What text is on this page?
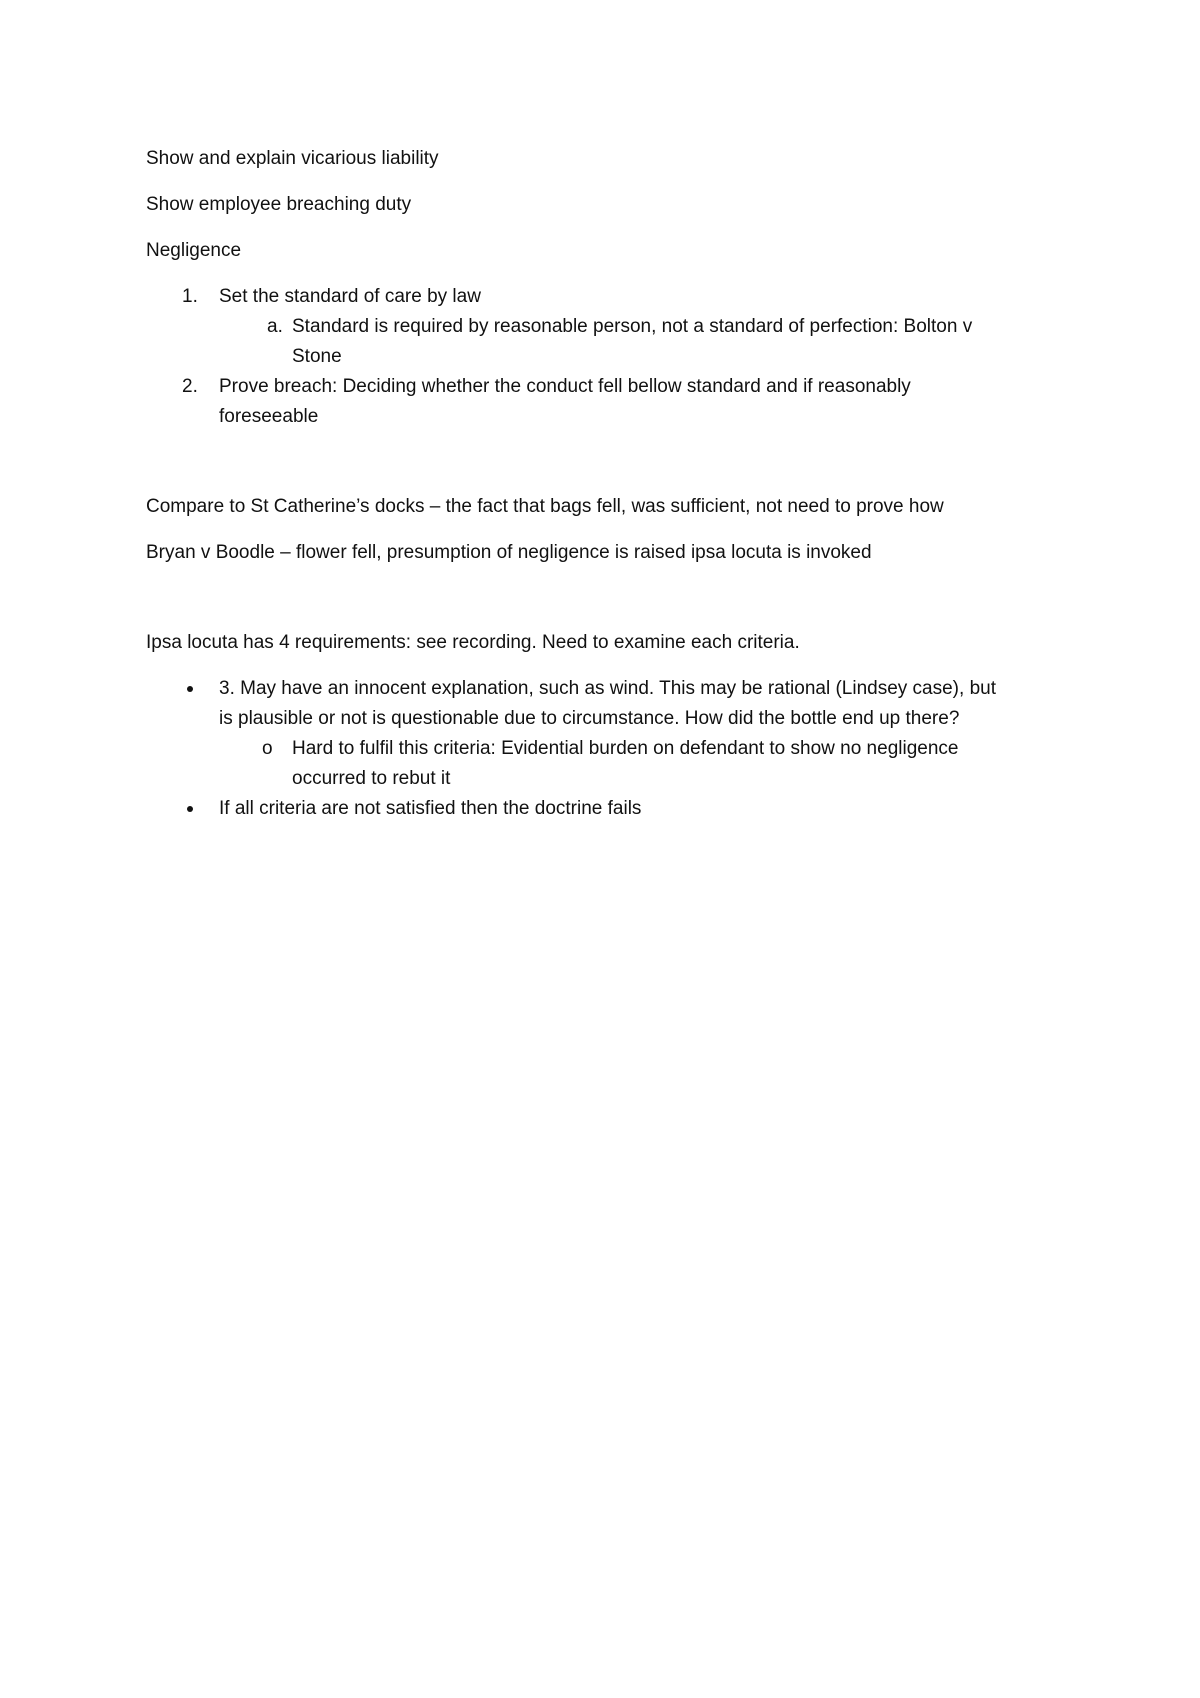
Show and explain vicarious liability
Show employee breaching duty
Negligence
1. Set the standard of care by law
a. Standard is required by reasonable person, not a standard of perfection: Bolton v
Stone
2. Prove breach: Deciding whether the conduct fell bellow standard and if reasonably
foreseeable
Compare to St Catherine’s docks – the fact that bags fell, was sufficient, not need to prove how
Bryan v Boodle – flower fell, presumption of negligence is raised ipsa locuta is invoked
Ipsa locuta has 4 requirements: see recording. Need to examine each criteria.
3. May have an innocent explanation, such as wind. This may be rational (Lindsey case), but
is plausible or not is questionable due to circumstance. How did the bottle end up there?
o Hard to fulfil this criteria: Evidential burden on defendant to show no negligence
occurred to rebut it
If all criteria are not satisfied then the doctrine fails
